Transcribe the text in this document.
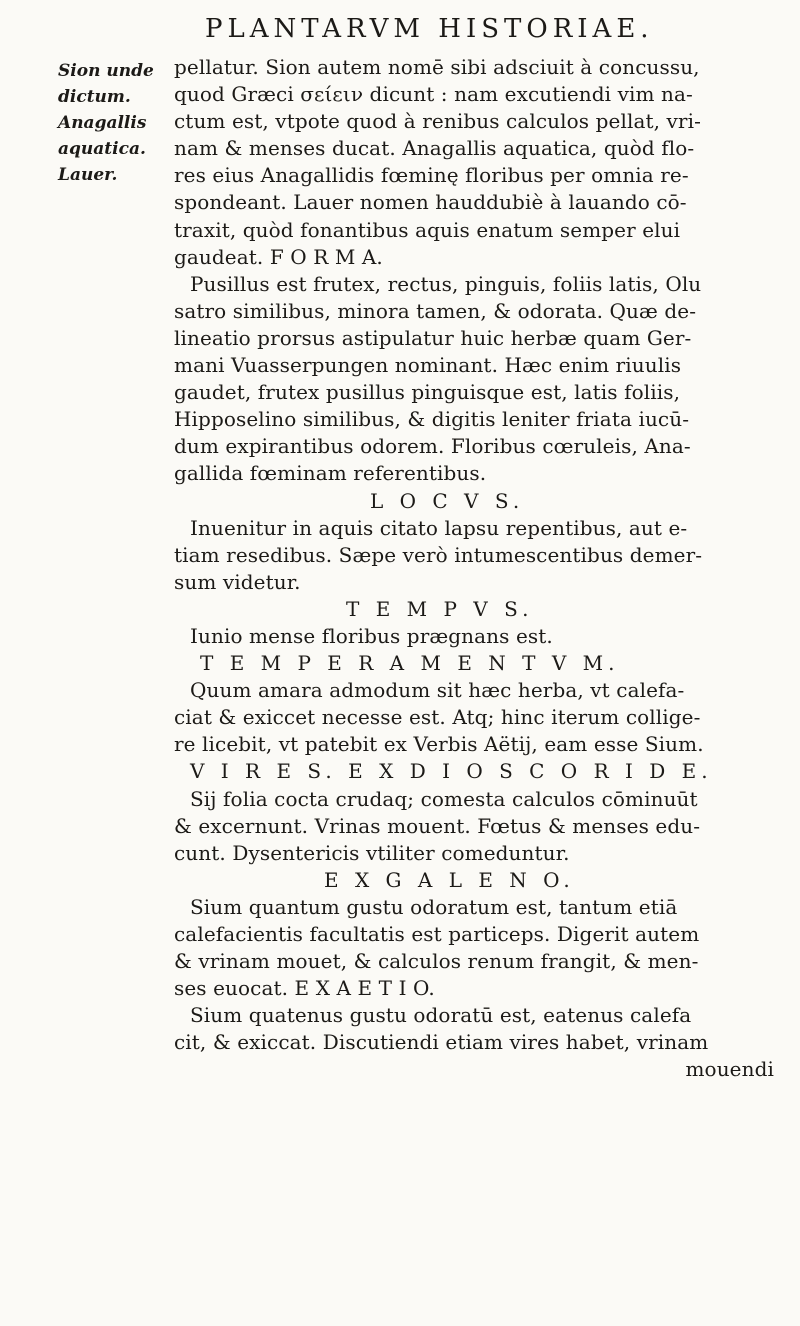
PLANTARVM HISTORIAE.
Sion unde
dictum.
Anagallis
aquatica.
Lauer.
pellatur. Sion autem nomē sibi adsciuit à concussu,
quod Græci σείειν dicunt : nam excutiendi vim na-
ctum est, vtpote quod à renibus calculos pellat, vri-
nam & menses ducat. Anagallis aquatica, quòd flo-
res eius Anagallidis fœminę floribus per omnia re-
spondeant. Lauer nomen hauddubiè à lauando cō-
traxit, quòd fonantibus aquis enatum semper elui
gaudeat. F O R M A.
Pusillus est frutex, rectus, pinguis, foliis latis, Olu
satro similibus, minora tamen, & odorata. Quæ de-
lineatio prorsus astipulatur huic herbæ quam Ger-
mani Vuasserpungen nominant. Hæc enim riuulis
gaudet, frutex pusillus pinguisque est, latis foliis,
Hipposelino similibus, & digitis leniter friata iucū-
dum expirantibus odorem. Floribus cœruleis, Ana-
gallida fœminam referentibus.
L O C V S.
Inuenitur in aquis citato lapsu repentibus, aut e-
tiam resedibus. Sæpe verò intumescentibus demer-
sum videtur.
T E M P V S.
Iunio mense floribus prægnans est.
T E M P E R A M E N T V M.
Quum amara admodum sit hæc herba, vt calefa-
ciat & exiccet necesse est. Atq; hinc iterum collige-
re licebit, vt patebit ex Verbis Aëtij, eam esse Sium.
V I R E S. E X D I O S C O R I D E.
Sij folia cocta crudaq; comesta calculos cōminuūt
& excernunt. Vrinas mouent. Fœtus & menses edu-
cunt. Dysentericis vtiliter comeduntur.
E X G A L E N O.
Sium quantum gustu odoratum est, tantum etiā
calefacientis facultatis est particeps. Digerit autem
& vrinam mouet, & calculos renum frangit, & men-
ses euocat. E X A E T I O.
Sium quatenus gustu odoratū est, eatenus calefa
cit, & exiccat. Discutiendi etiam vires habet, vrinam
mouendi
